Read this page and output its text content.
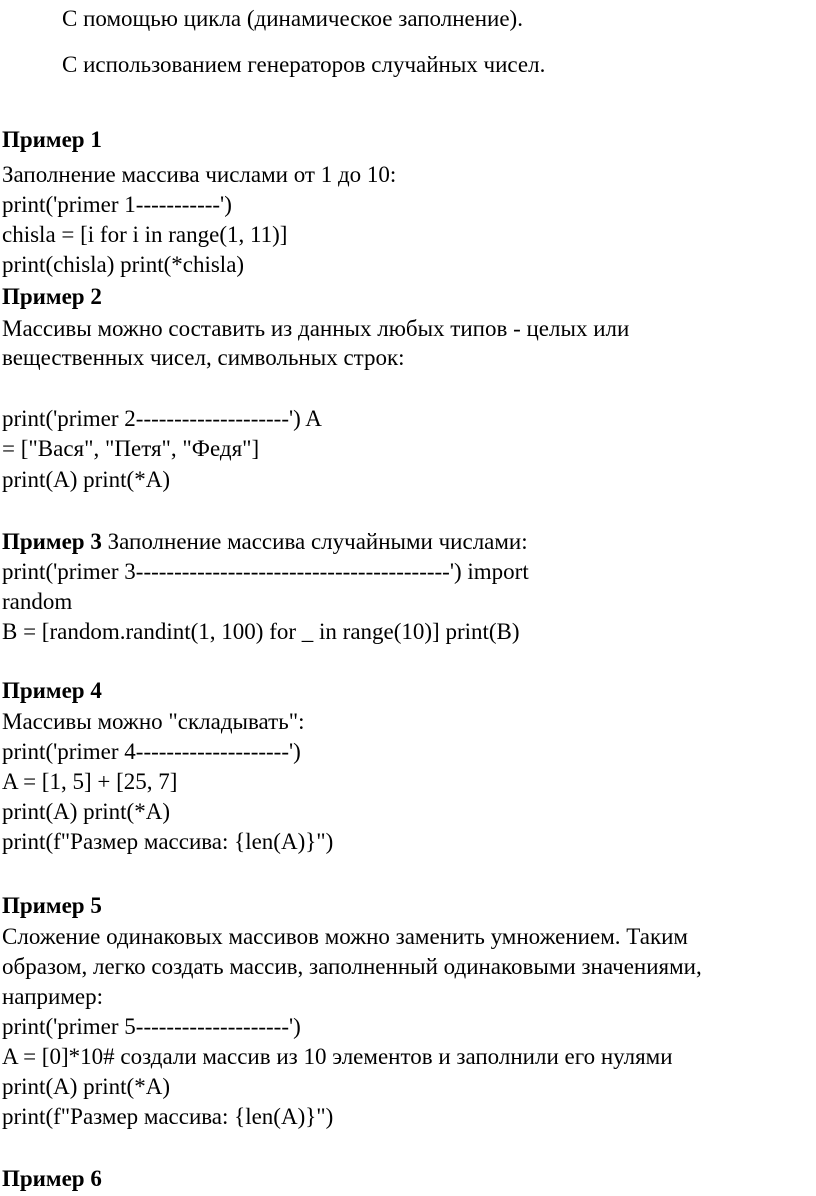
С помощью цикла (динамическое заполнение).
С использованием генераторов случайных чисел.
Пример 1
Заполнение массива числами от 1 до 10:
print('primer 1-----------')
chisla = [i for i in range(1, 11)]
print(chisla) print(*chisla)
Пример 2
Массивы можно составить из данных любых типов - целых или
вещественных чисел, символьных строк:
print('primer 2--------------------') A
= ["Вася", "Петя", "Федя"]
print(A) print(*A)
Пример 3 Заполнение массива случайными числами:
print('primer 3-----------------------------------------') import
random
B = [random.randint(1, 100) for _ in range(10)] print(B)
Пример 4
Массивы можно "складывать":
print('primer 4--------------------')
A = [1, 5] + [25, 7]
print(A) print(*A)
print(f"Размер массива: {len(A)}")
Пример 5
Сложение одинаковых массивов можно заменить умножением. Таким
образом, легко создать массив, заполненный одинаковыми значениями,
например:
print('primer 5--------------------')
A = [0]*10# создали массив из 10 элементов и заполнили его нулями
print(A) print(*A)
print(f"Размер массива: {len(A)}")
Пример 6
